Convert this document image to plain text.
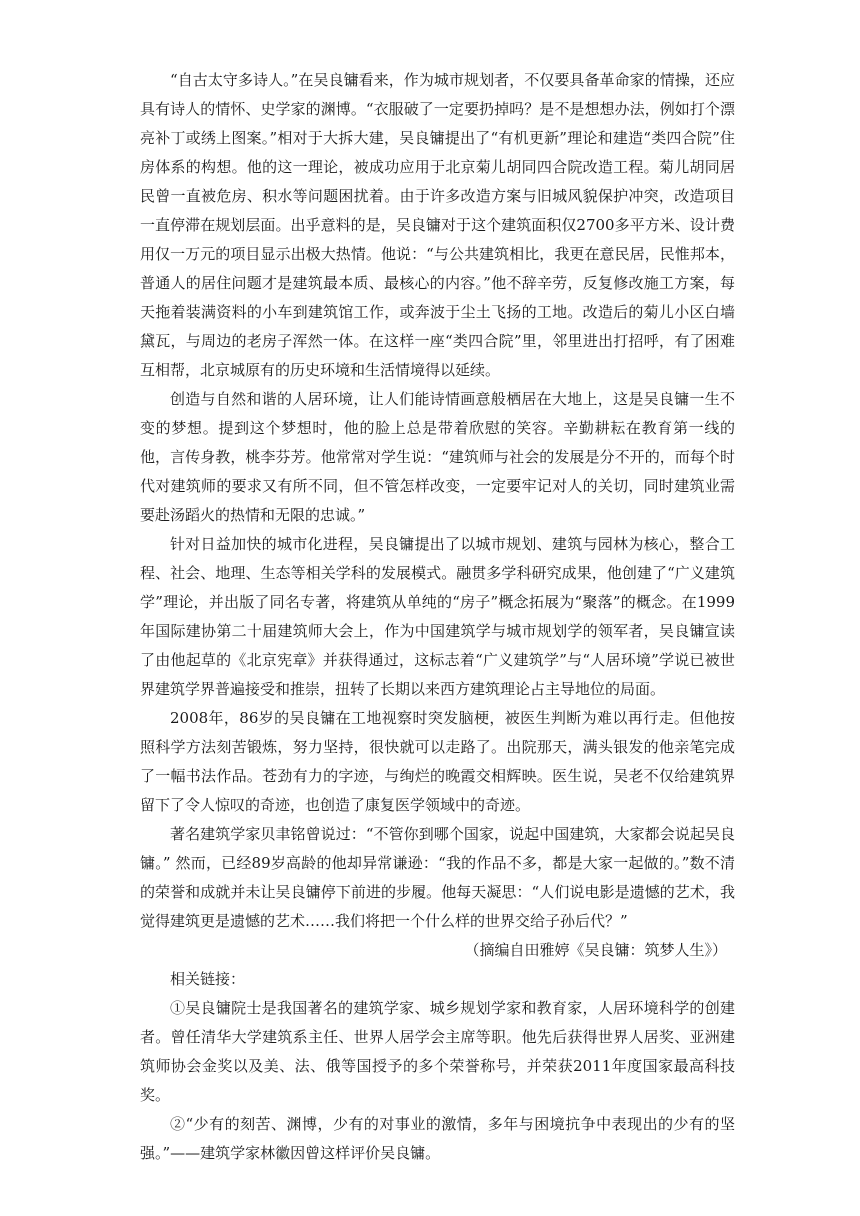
“自古太守多诗人。”在吴良镛看来，作为城市规划者，不仅要具备革命家的情操，还应具有诗人的情怀、史学家的渊博。“衣服破了一定要扔掉吗？是不是想想办法，例如打个漂亮补丁或绣上图案。”相对于大拆大建，吴良镛提出了“有机更新”理论和建造“类四合院”住房体系的构想。他的这一理论，被成功应用于北京菊儿胡同四合院改造工程。菊儿胡同居民曾一直被危房、积水等问题困扰着。由于许多改造方案与旧城风貌保护冲突，改造项目一直停滞在规划层面。出乎意料的是，吴良镛对于这个建筑面积仅2700多平方米、设计费用仅一万元的项目显示出极大热情。他说：“与公共建筑相比，我更在意民居，民惟邦本，普通人的居住问题才是建筑最本质、最核心的内容。”他不辞辛劳，反复修改施工方案，每天拖着装满资料的小车到建筑馆工作，或奔波于尘土飞扬的工地。改造后的菊儿小区白墙黛瓦，与周边的老房子浑然一体。在这样一座“类四合院”里，邻里进出打招呼，有了困难互相帮，北京城原有的历史环境和生活情境得以延续。

创造与自然和谐的人居环境，让人们能诗情画意般栖居在大地上，这是吴良镛一生不变的梦想。提到这个梦想时，他的脸上总是带着欣慰的笑容。辛勤耕耘在教育第一线的他，言传身教，桃李芬芳。他常常对学生说：“建筑师与社会的发展是分不开的，而每个时代对建筑师的要求又有所不同，但不管怎样改变，一定要牢记对人的关切，同时建筑业需要赴汤蹈火的热情和无限的忠诚。”

针对日益加快的城市化进程，吴良镛提出了以城市规划、建筑与园林为核心，整合工程、社会、地理、生态等相关学科的发展模式。融贯多学科研究成果，他创建了“广义建筑学”理论，并出版了同名专著，将建筑从单纯的“房子”概念拓展为“聚落”的概念。在1999年国际建协第二十届建筑师大会上，作为中国建筑学与城市规划学的领军者，吴良镛宣读了由他起草的《北京宪章》并获得通过，这标志着“广义建筑学”与“人居环境”学说已被世界建筑学界普遍接受和推崇，扭转了长期以来西方建筑理论占主导地位的局面。

2008年，86岁的吴良镛在工地视察时突发脑梗，被医生判断为难以再行走。但他按照科学方法刻苦锻炼，努力坚持，很快就可以走路了。出院那天，满头银发的他亲笔完成了一幅书法作品。苍劲有力的字迹，与绚烂的晚霞交相辉映。医生说，吴老不仅给建筑界留下了令人惊叹的奇迹，也创造了康复医学领域中的奇迹。

著名建筑学家贝聿铭曾说过：“不管你到哪个国家，说起中国建筑，大家都会说起吴良镛。” 然而，已经89岁高龄的他却异常谦逊：“我的作品不多，都是大家一起做的。”数不清的荣誉和成就并未让吴良镛停下前进的步履。他每天凝思：“人们说电影是遗憾的艺术，我觉得建筑更是遗憾的艺术……我们将把一个什么样的世界交给子孙后代？”

（摘编自田雅婷《吴良镛：筑梦人生》）

相关链接：

①吴良镛院士是我国著名的建筑学家、城乡规划学家和教育家，人居环境科学的创建者。曾任清华大学建筑系主任、世界人居学会主席等职。他先后获得世界人居奖、亚洲建筑师协会金奖以及美、法、俄等国授予的多个荣誉称号，并荣获2011年度国家最高科技奖。

②“少有的刻苦、渊博，少有的对事业的激情，多年与困境抗争中表现出的少有的坚强。”——建筑学家林徽因曾这样评价吴良镛。
